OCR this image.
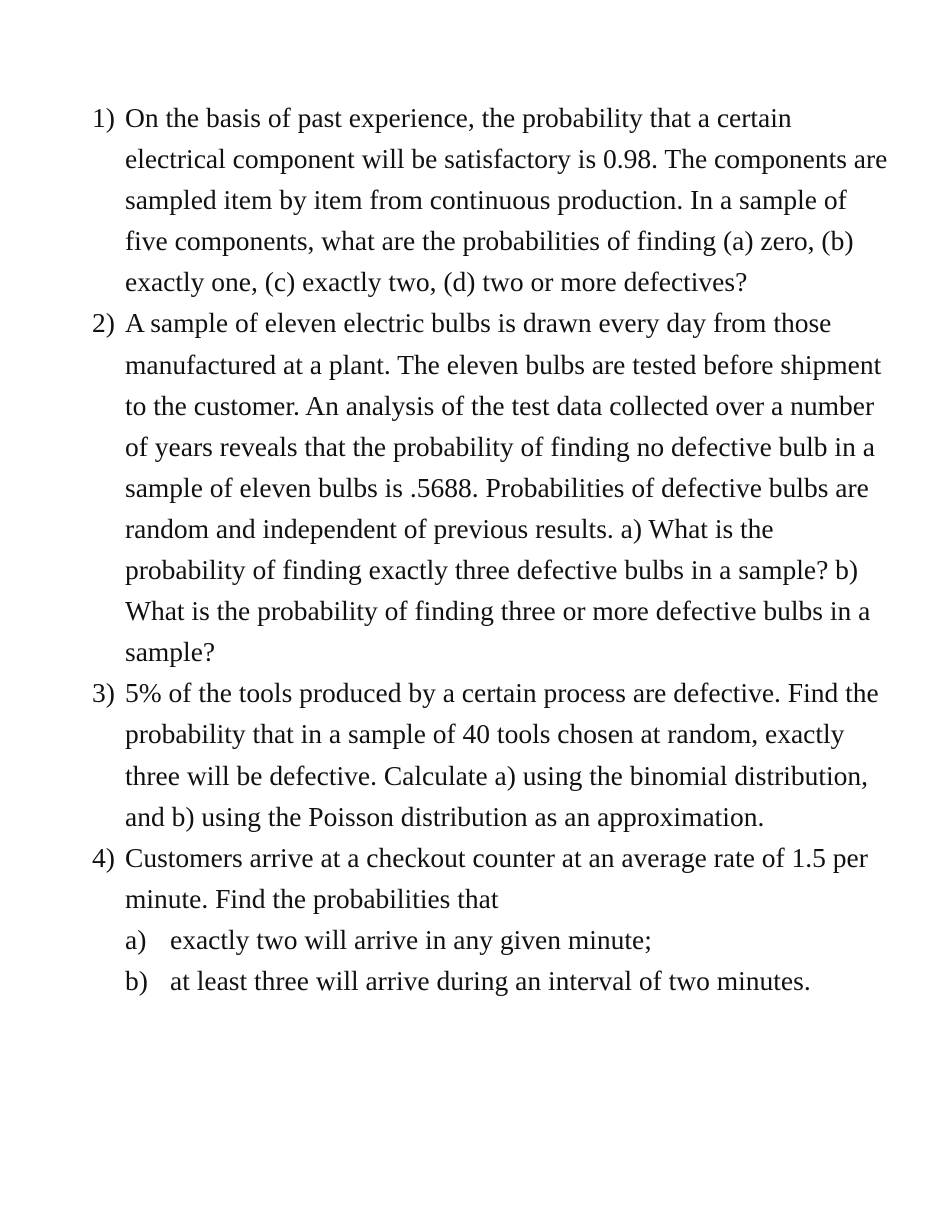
1) On the basis of past experience, the probability that a certain electrical component will be satisfactory is 0.98. The components are sampled item by item from continuous production. In a sample of five components, what are the probabilities of finding (a) zero, (b) exactly one, (c) exactly two, (d) two or more defectives?
2) A sample of eleven electric bulbs is drawn every day from those manufactured at a plant. The eleven bulbs are tested before shipment to the customer. An analysis of the test data collected over a number of years reveals that the probability of finding no defective bulb in a sample of eleven bulbs is .5688. Probabilities of defective bulbs are random and independent of previous results. a) What is the probability of finding exactly three defective bulbs in a sample? b) What is the probability of finding three or more defective bulbs in a sample?
3) 5% of the tools produced by a certain process are defective. Find the probability that in a sample of 40 tools chosen at random, exactly three will be defective. Calculate a) using the binomial distribution, and b) using the Poisson distribution as an approximation.
4) Customers arrive at a checkout counter at an average rate of 1.5 per minute. Find the probabilities that
a) exactly two will arrive in any given minute;
b) at least three will arrive during an interval of two minutes.
